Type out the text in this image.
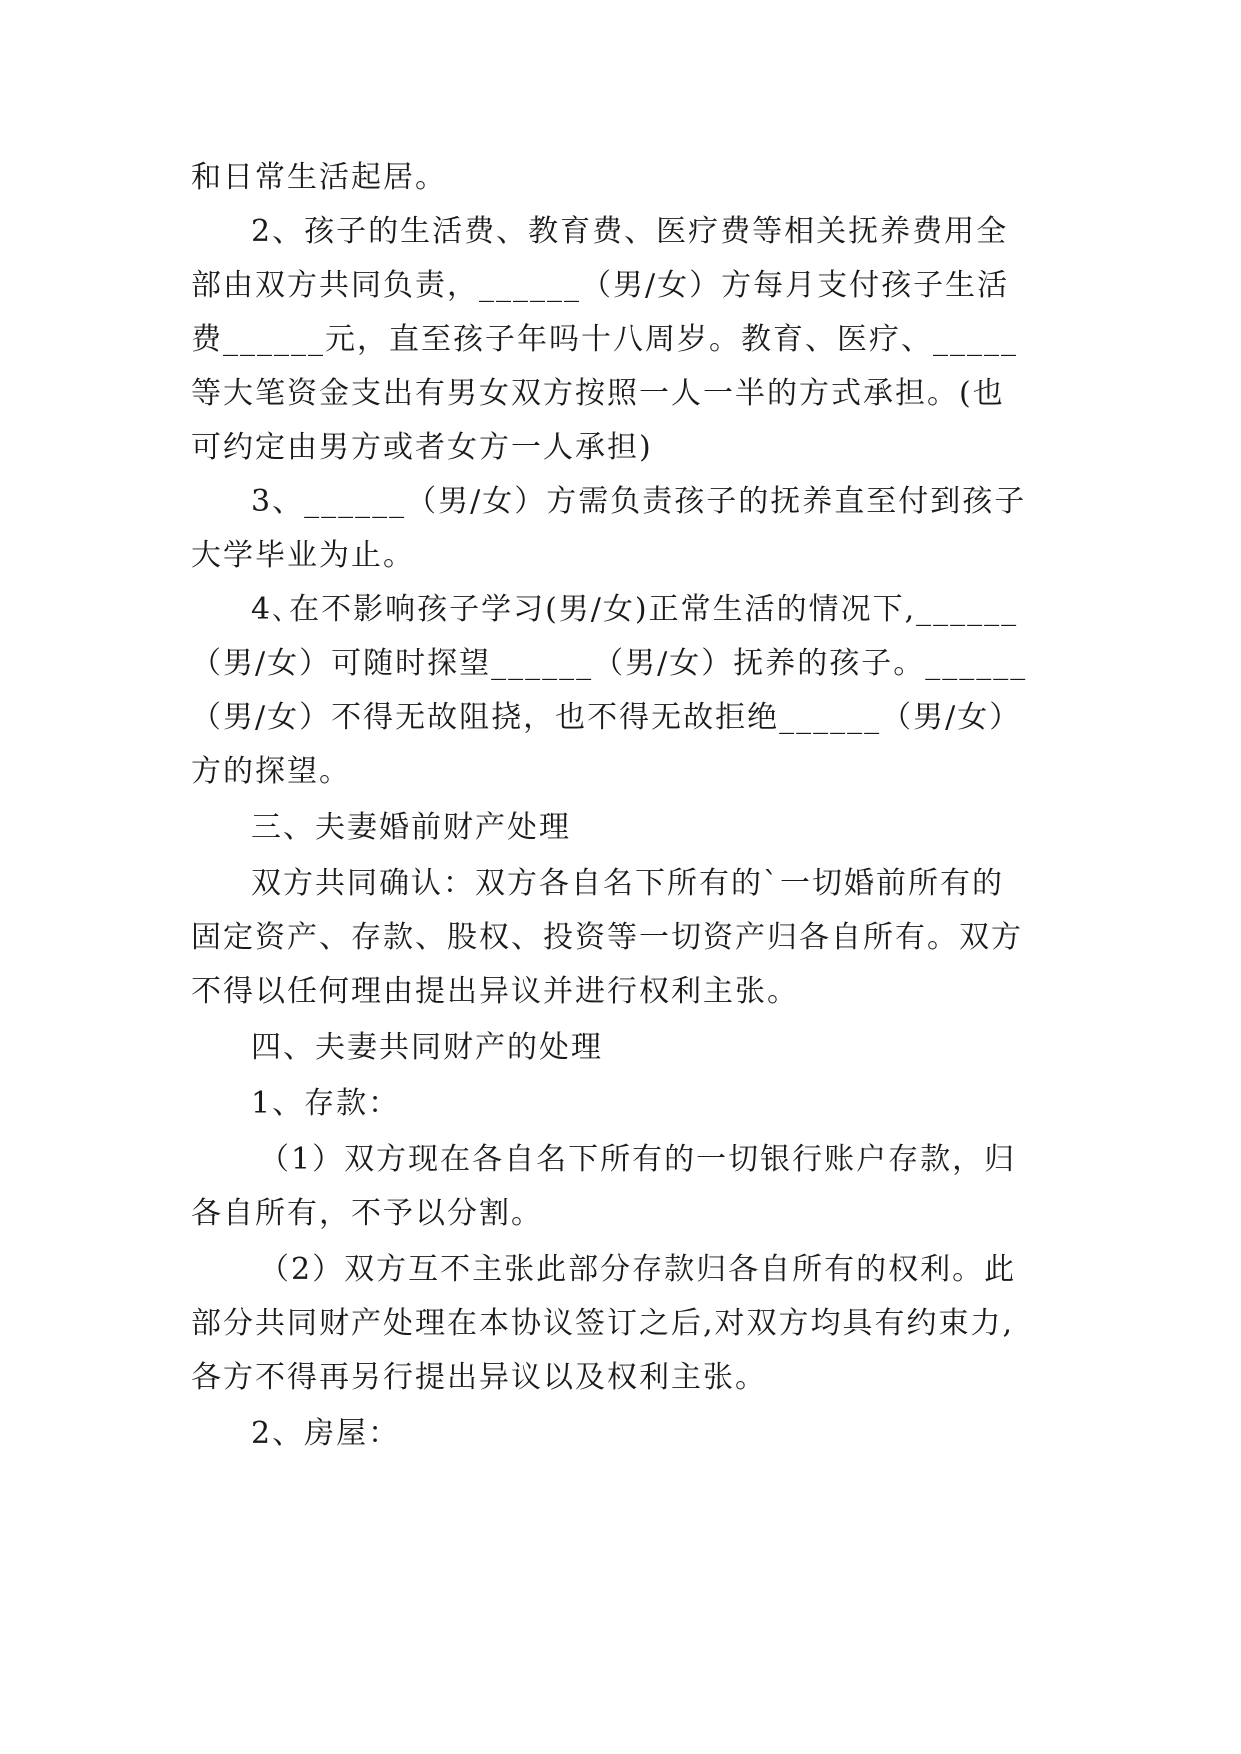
和日常生活起居。
2、孩子的生活费、教育费、医疗费等相关抚养费用全
部由双方共同负责，______（男/女）方每月支付孩子生活
费______元，直至孩子年吗十八周岁。教育、医疗、_____
等大笔资金支出有男女双方按照一人一半的方式承担。(也
可约定由男方或者女方一人承担)
3、______（男/女）方需负责孩子的抚养直至付到孩子
大学毕业为止。
4､在不影响孩子学习(男/女)正常生活的情况下,______
（男/女）可随时探望______（男/女）抚养的孩子。______
（男/女）不得无故阻挠，也不得无故拒绝______（男/女）
方的探望。
三、夫妻婚前财产处理
双方共同确认：双方各自名下所有的`一切婚前所有的
固定资产、存款、股权、投资等一切资产归各自所有。双方
不得以任何理由提出异议并进行权利主张。
四、夫妻共同财产的处理
1、存款：
（1）双方现在各自名下所有的一切银行账户存款，归
各自所有，不予以分割。
（2）双方互不主张此部分存款归各自所有的权利。此
部分共同财产处理在本协议签订之后,对双方均具有约束力,
各方不得再另行提出异议以及权利主张。
2、房屋：
